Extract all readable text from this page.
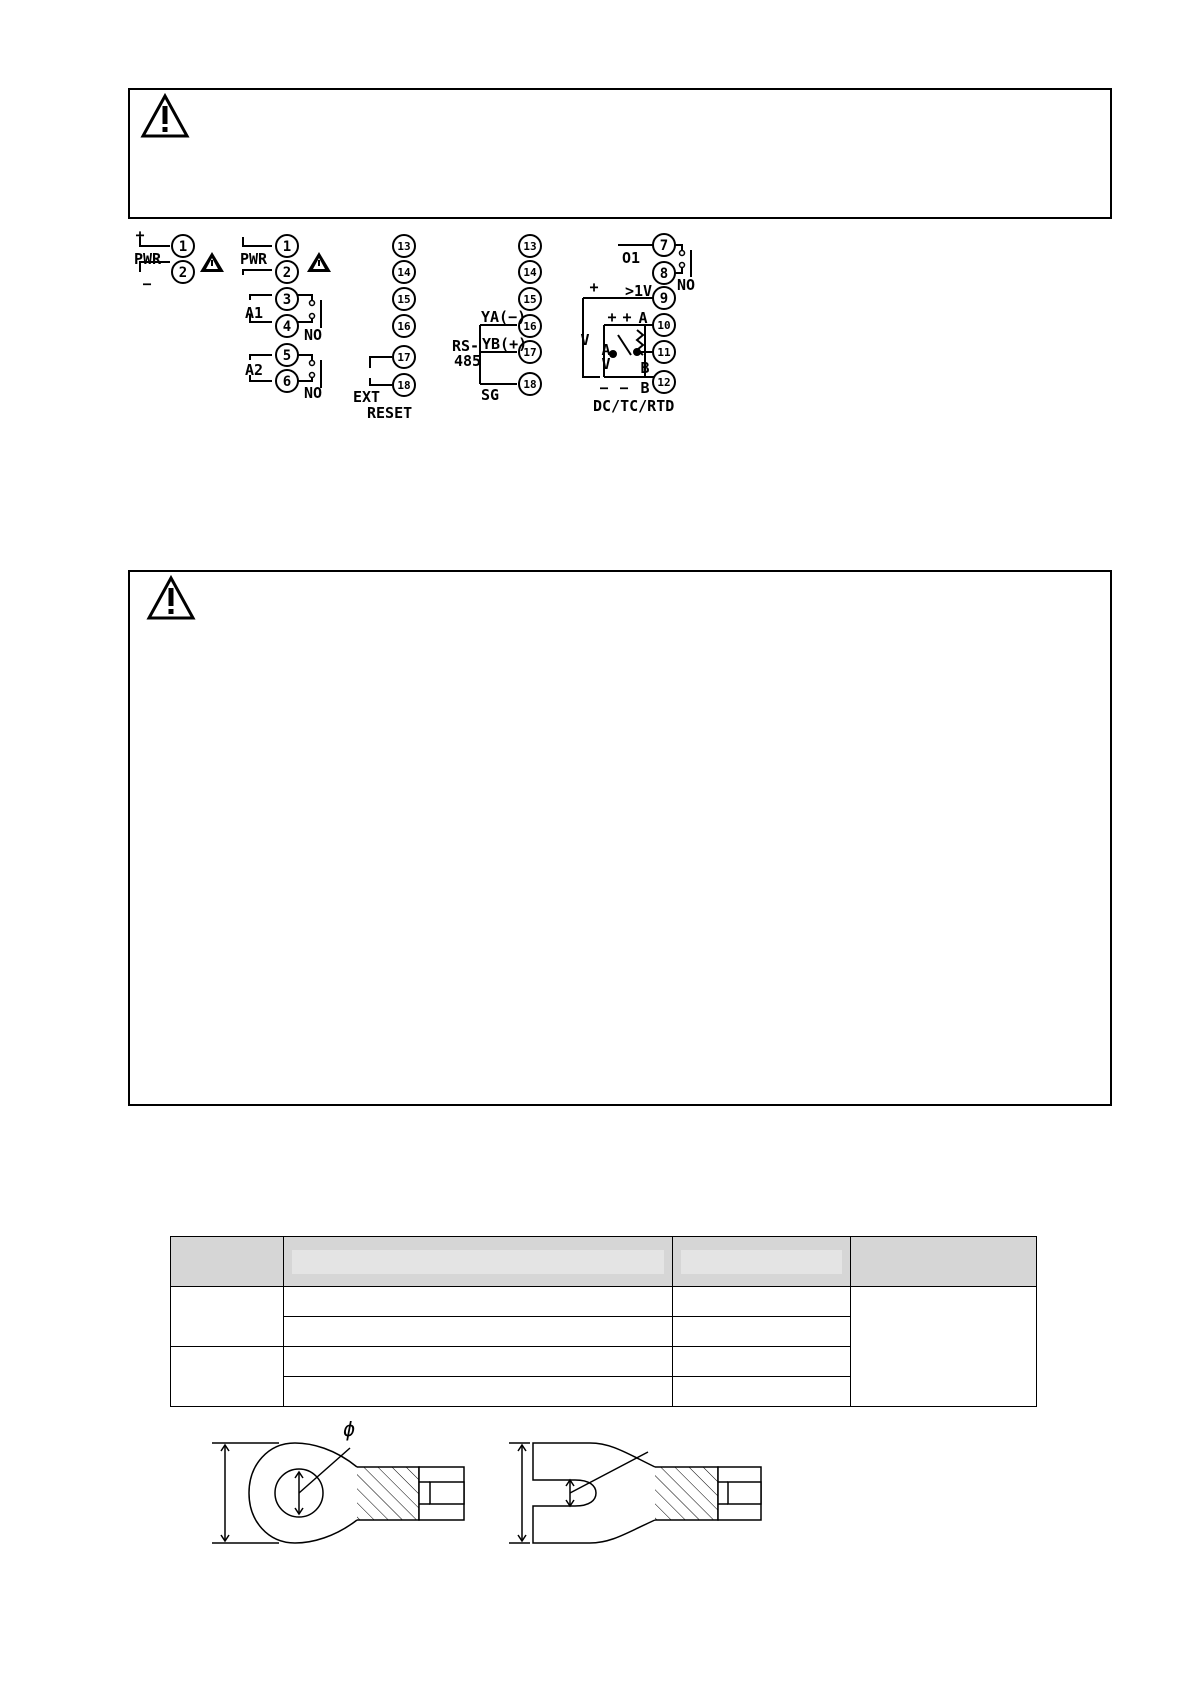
1
2
1
2
3
4
5
6
7
8
9
13
14
15
16
17
18
13
14
15
16
17
18
10
11
12
+
PWR
−
PWR
A1
NO
A2
NO EXT
RESET
YA(−)
RS- YB(+)
485
SG
O1
NO
+ >1V
V
+ + A
A
V B
− − B
DC/TC/RTD

ϕ
